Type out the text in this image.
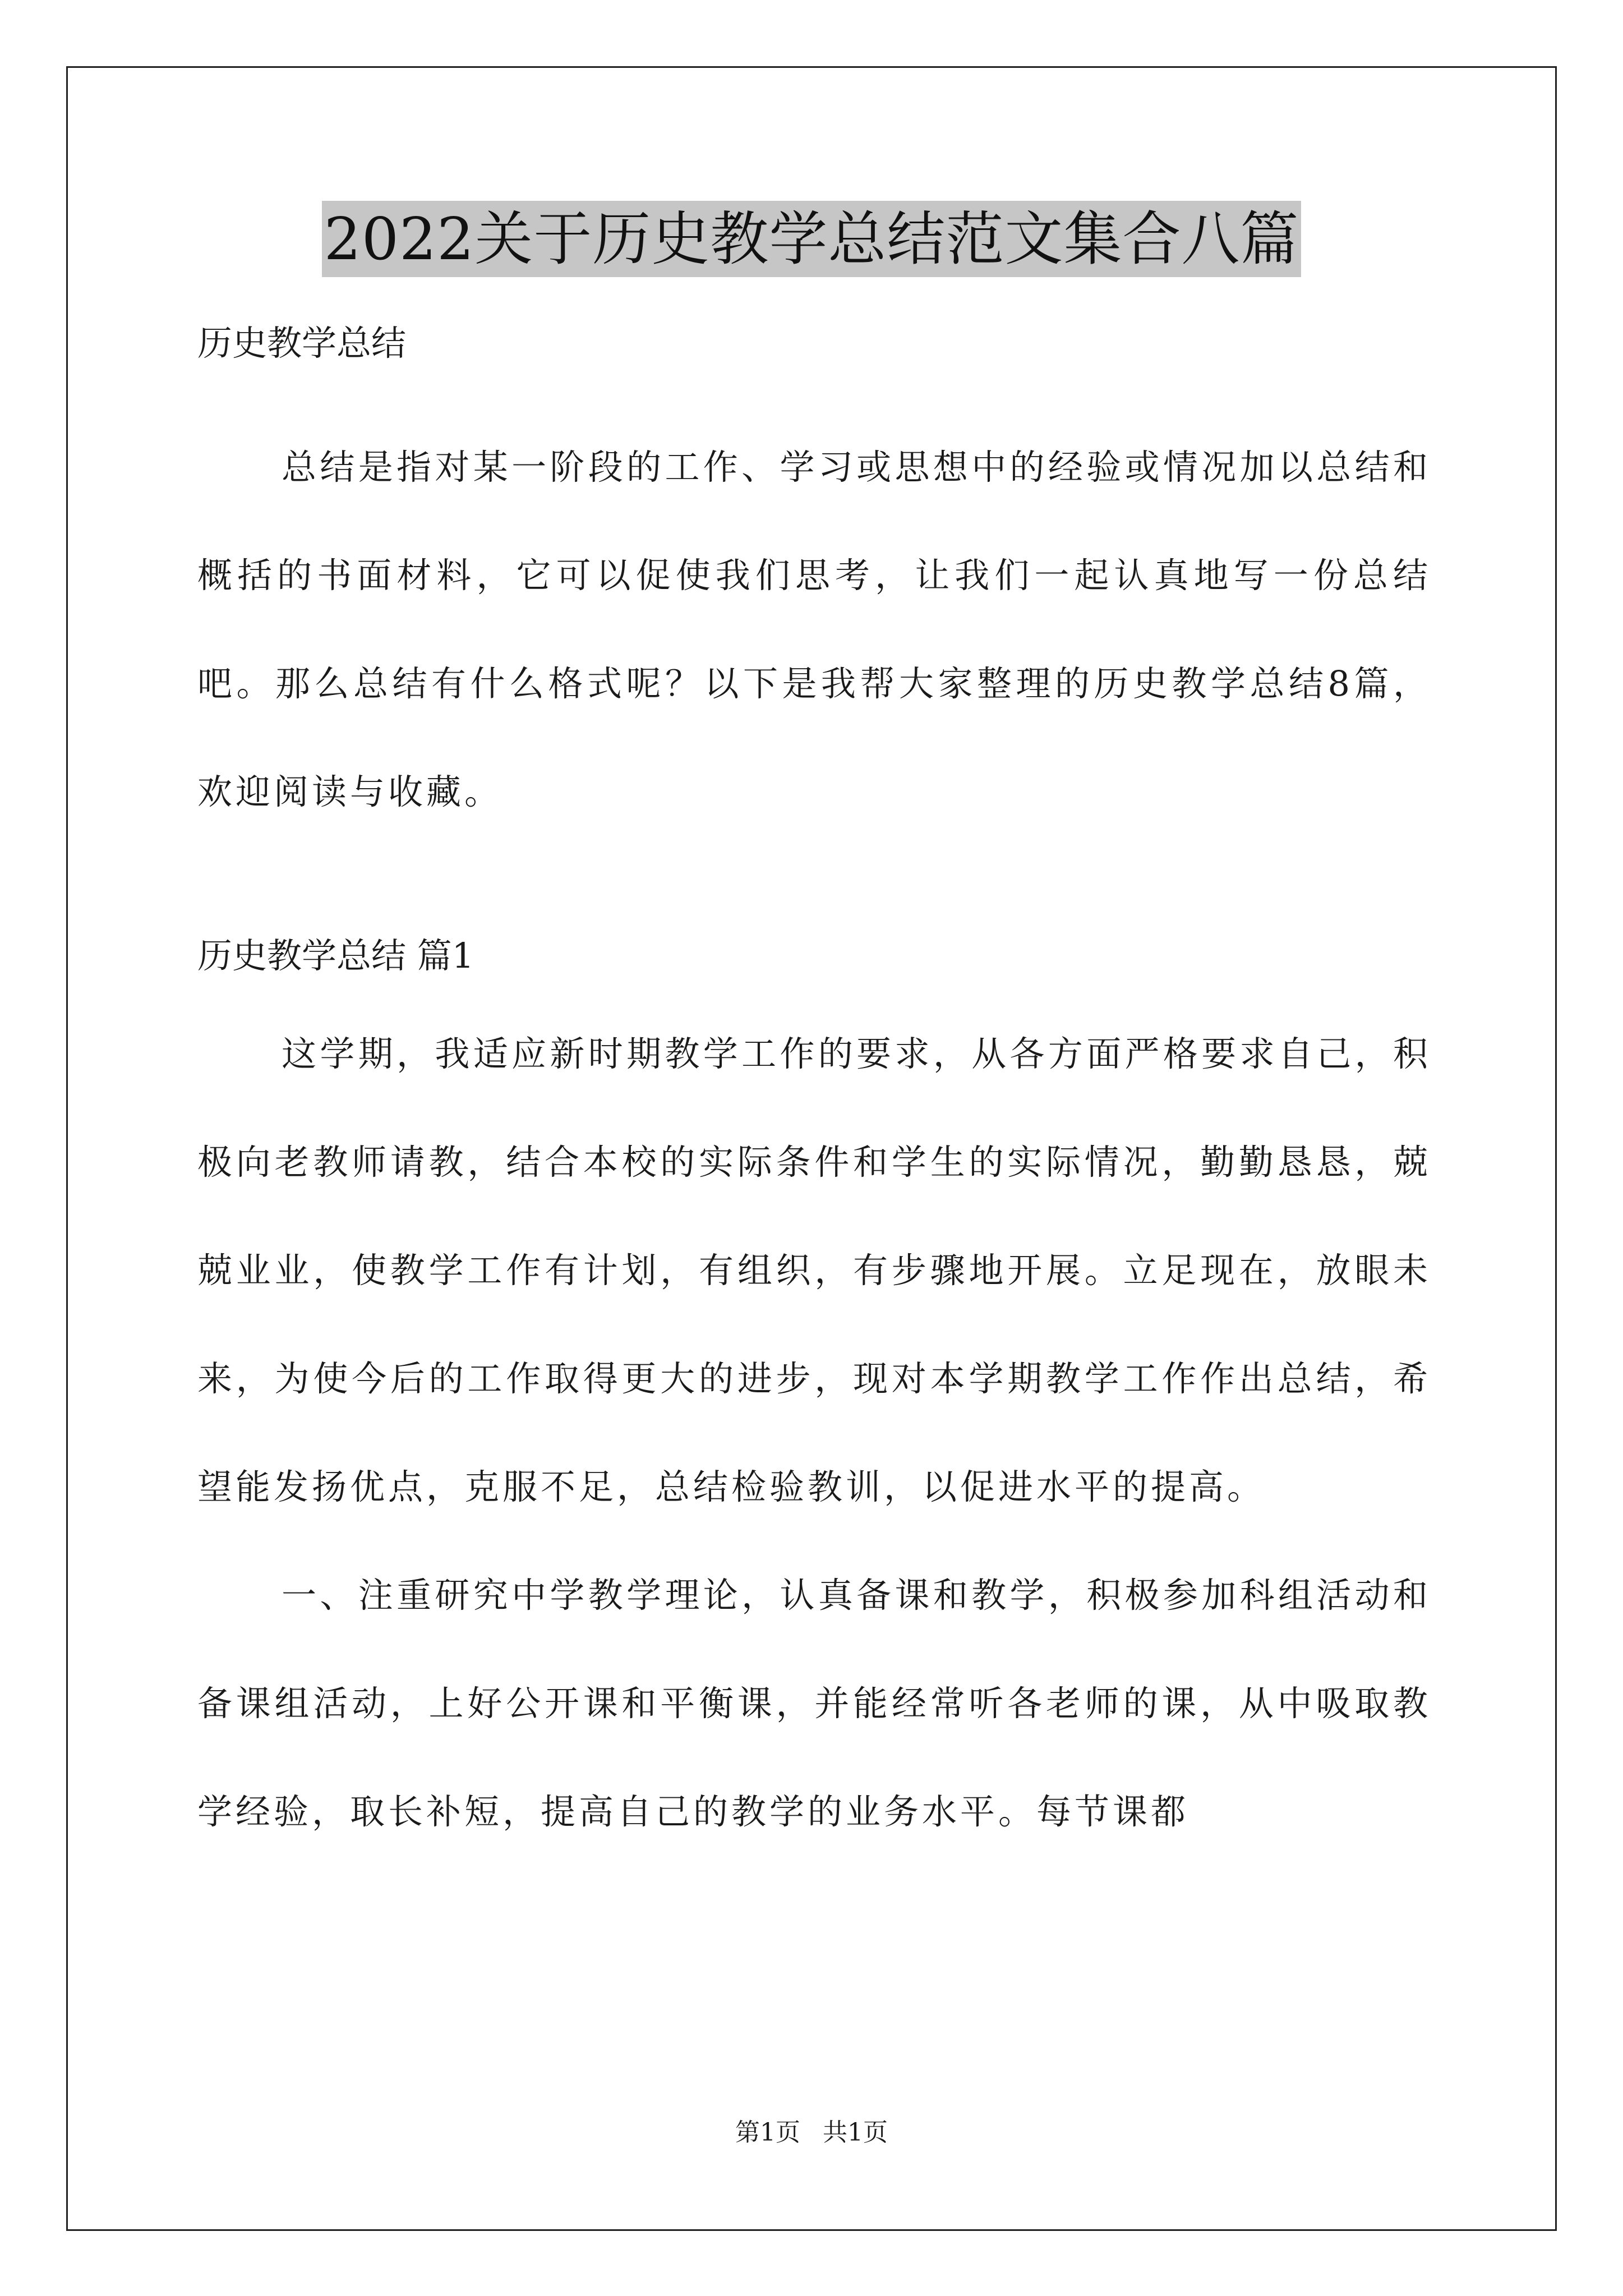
2022关于历史教学总结范文集合八篇
历史教学总结

总结是指对某一阶段的工作、学习或思想中的经验或情况加以总结和概括的书面材料，它可以促使我们思考，让我们一起认真地写一份总结吧。那么总结有什么格式呢？以下是我帮大家整理的历史教学总结8篇，欢迎阅读与收藏。

历史教学总结 篇1

这学期，我适应新时期教学工作的要求，从各方面严格要求自己，积极向老教师请教，结合本校的实际条件和学生的实际情况，勤勤恳恳，兢兢业业，使教学工作有计划，有组织，有步骤地开展。立足现在，放眼未来，为使今后的工作取得更大的进步，现对本学期教学工作作出总结，希望能发扬优点，克服不足，总结检验教训，以促进水平的提高。

一、注重研究中学教学理论，认真备课和教学，积极参加科组活动和备课组活动，上好公开课和平衡课，并能经常听各老师的课，从中吸取教学经验，取长补短，提高自己的教学的业务水平。每节课都

第1页 共1页
